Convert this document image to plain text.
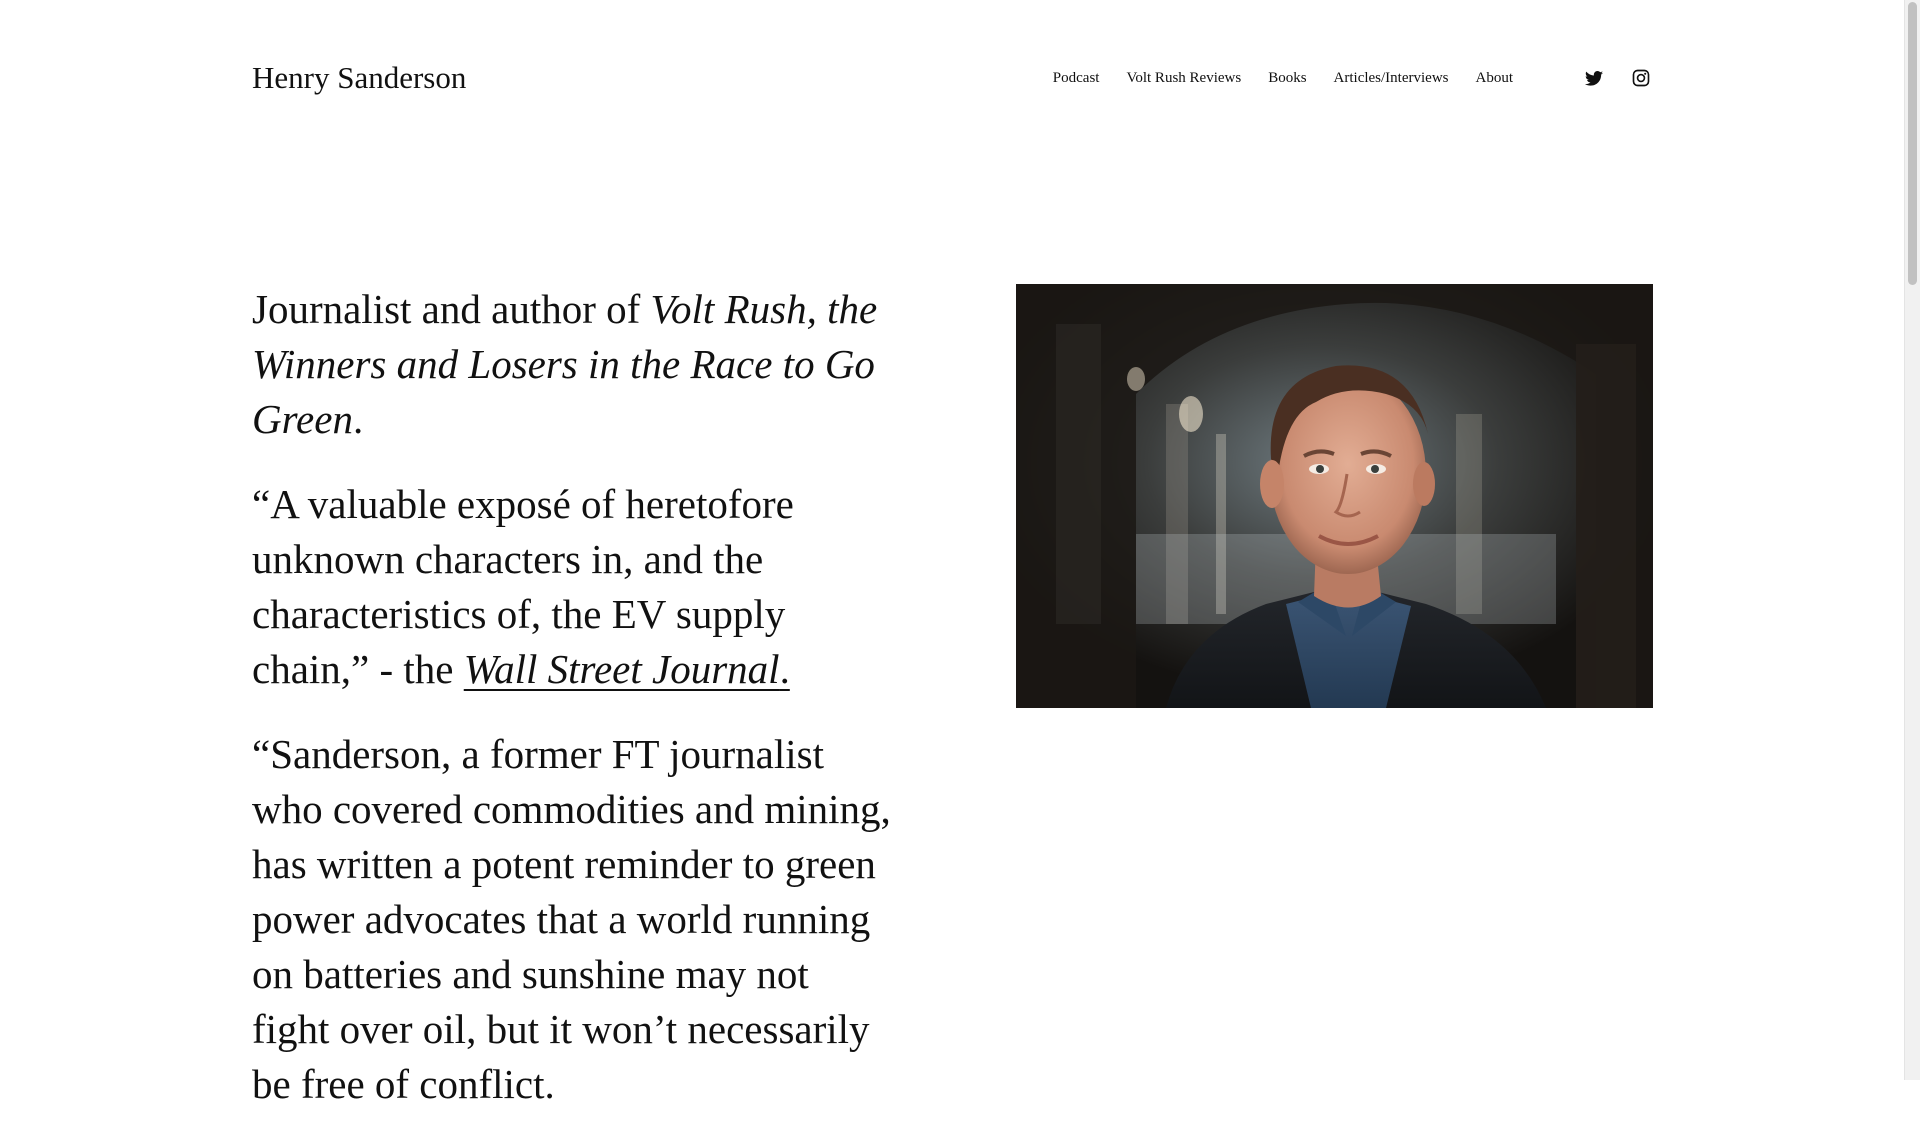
Henry Sanderson	Podcast Volt Rush Reviews Books Articles/Interviews About

Journalist and author of Volt Rush, the Winners and Losers in the Race to Go Green.

“A valuable exposé of heretofore unknown characters in, and the characteristics of, the EV supply chain,” - the Wall Street Journal.

“Sanderson, a former FT journalist who covered commodities and mining, has written a potent reminder to green power advocates that a world running on batteries and sunshine may not fight over oil, but it won’t necessarily be free of conflict.
